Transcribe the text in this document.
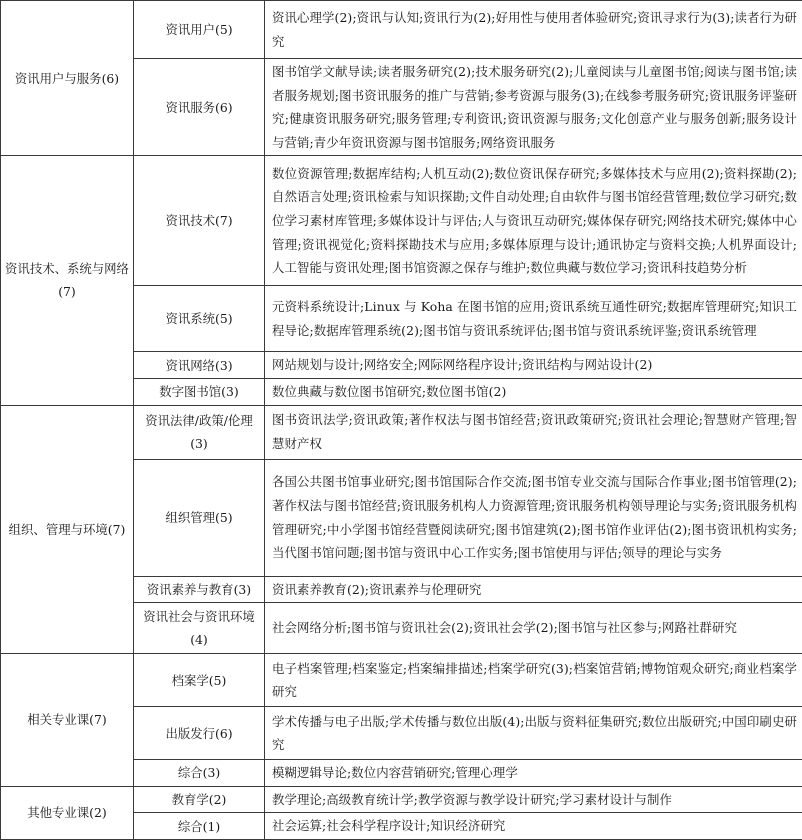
资讯用户与服务(6)	资讯用户(5)	资讯心理学(2);资讯与认知;资讯行为(2);好用性与使用者体验研究;资讯寻求行为(3);读者行为研究
	资讯服务(6)	图书馆学文献导读;读者服务研究(2);技术服务研究(2);儿童阅读与儿童图书馆;阅读与图书馆;读者服务规划;图书资讯服务的推广与营销;参考资源与服务(3);在线参考服务研究;资讯服务评鉴研究;健康资讯服务研究;服务管理;专利资讯;资讯资源与服务;文化创意产业与服务创新;服务设计与营销;青少年资讯资源与图书馆服务;网络资讯服务
资讯技术、系统与网络(7)	资讯技术(7)	数位资源管理;数据库结构;人机互动(2);数位资讯保存研究;多媒体技术与应用(2);资料探勘(2);自然语言处理;资讯检索与知识探勘;文件自动处理;自由软件与图书馆经营管理;数位学习研究;数位学习素材库管理;多媒体设计与评估;人与资讯互动研究;媒体保存研究;网络技术研究;媒体中心管理;资讯视觉化;资料探勘技术与应用;多媒体原理与设计;通讯协定与资料交换;人机界面设计;人工智能与资讯处理;图书馆资源之保存与维护;数位典藏与数位学习;资讯科技趋势分析
	资讯系统(5)	元资料系统设计;Linux 与 Koha 在图书馆的应用;资讯系统互通性研究;数据库管理研究;知识工程导论;数据库管理系统(2);图书馆与资讯系统评估;图书馆与资讯系统评鉴;资讯系统管理
	资讯网络(3)	网站规划与设计;网络安全;网际网络程序设计;资讯结构与网站设计(2)
	数字图书馆(3)	数位典藏与数位图书馆研究;数位图书馆(2)
组织、管理与环境(7)	资讯法律/政策/伦理(3)	图书资讯法学;资讯政策;著作权法与图书馆经营;资讯政策研究;资讯社会理论;智慧财产管理;智慧财产权
	组织管理(5)	各国公共图书馆事业研究;图书馆国际合作交流;图书馆专业交流与国际合作事业;图书馆管理(2);著作权法与图书馆经营;资讯服务机构人力资源管理;资讯服务机构领导理论与实务;资讯服务机构管理研究;中小学图书馆经营暨阅读研究;图书馆建筑(2);图书馆作业评估(2);图书资讯机构实务;当代图书馆问题;图书馆与资讯中心工作实务;图书馆使用与评估;领导的理论与实务
	资讯素养与教育(3)	资讯素养教育(2);资讯素养与伦理研究
	资讯社会与资讯环境(4)	社会网络分析;图书馆与资讯社会(2);资讯社会学(2);图书馆与社区参与;网路社群研究
相关专业课(7)	档案学(5)	电子档案管理;档案鉴定;档案编排描述;档案学研究(3);档案馆营销;博物馆观众研究;商业档案学研究
	出版发行(6)	学术传播与电子出版;学术传播与数位出版(4);出版与资料征集研究;数位出版研究;中国印刷史研究
	综合(3)	模糊逻辑导论;数位内容营销研究;管理心理学
其他专业课(2)	教育学(2)	教学理论;高级教育统计学;教学资源与教学设计研究;学习素材设计与制作
	综合(1)	社会运算;社会科学程序设计;知识经济研究
